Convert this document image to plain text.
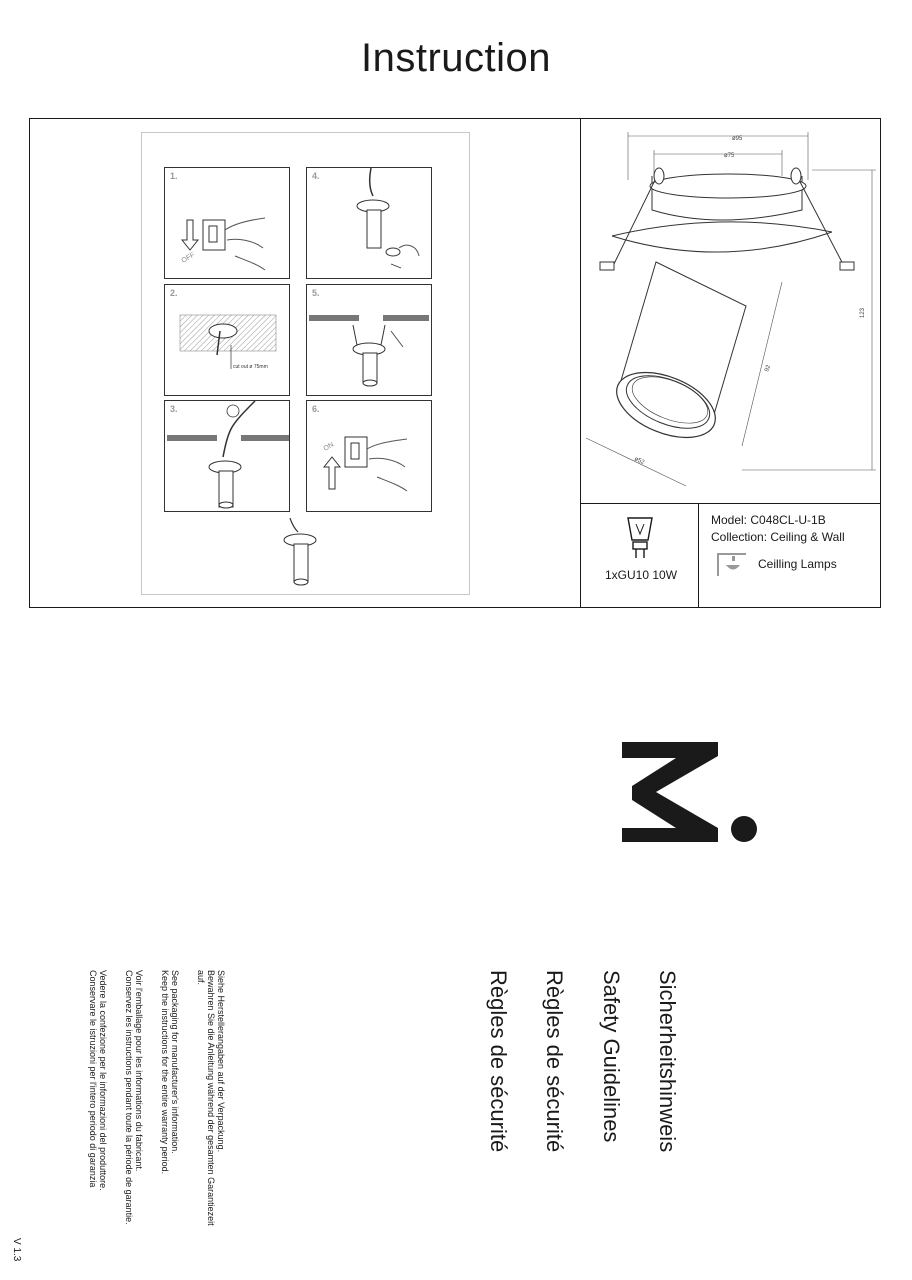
Instruction
1.
OFF
2.
cut out ø 75mm
3.
4.
5.
6.
ON
ø95
ø75
123
92
ø52
1xGU10 10W
Model: C048CL-U-1B
Collection: Ceiling & Wall
Ceilling Lamps
Sicherheitshinweis
Safety Guidelines
Règles de sécurité
Règles de sécurité
Siehe Herstellerangaben auf der Verpackung.
Bewahren Sie die Anleitung während der gesamten Garantiezeit
auf.
See packaging for manufacturer's information.
Keep the instructions for the entire warranty period.
Voir l'emballage pour les informations du fabricant.
Conservez les instructions pendant toute la période de garantie.
Vedere la confezione per le informazioni del produttore.
Conservare le istruzioni per l'intero periodo di garanzia
V 1.3
